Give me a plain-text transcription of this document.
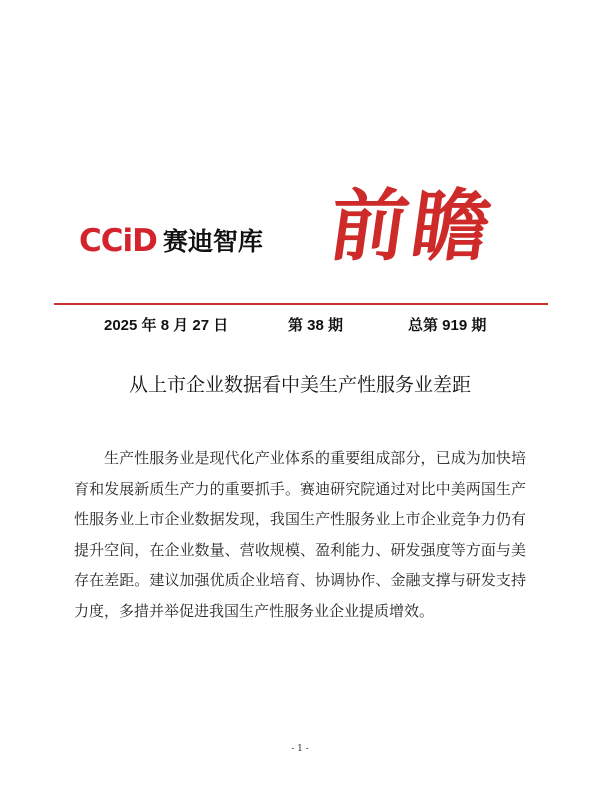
CCiD 赛迪智库 前瞻
2025 年 8 月 27 日	第 38 期	总第 919 期
从上市企业数据看中美生产性服务业差距

生产性服务业是现代化产业体系的重要组成部分，已成为加快培育和发展新质生产力的重要抓手。赛迪研究院通过对比中美两国生产性服务业上市企业数据发现，我国生产性服务业上市企业竞争力仍有提升空间，在企业数量、营收规模、盈利能力、研发强度等方面与美存在差距。建议加强优质企业培育、协调协作、金融支撑与研发支持力度，多措并举促进我国生产性服务业企业提质增效。

- 1 -
